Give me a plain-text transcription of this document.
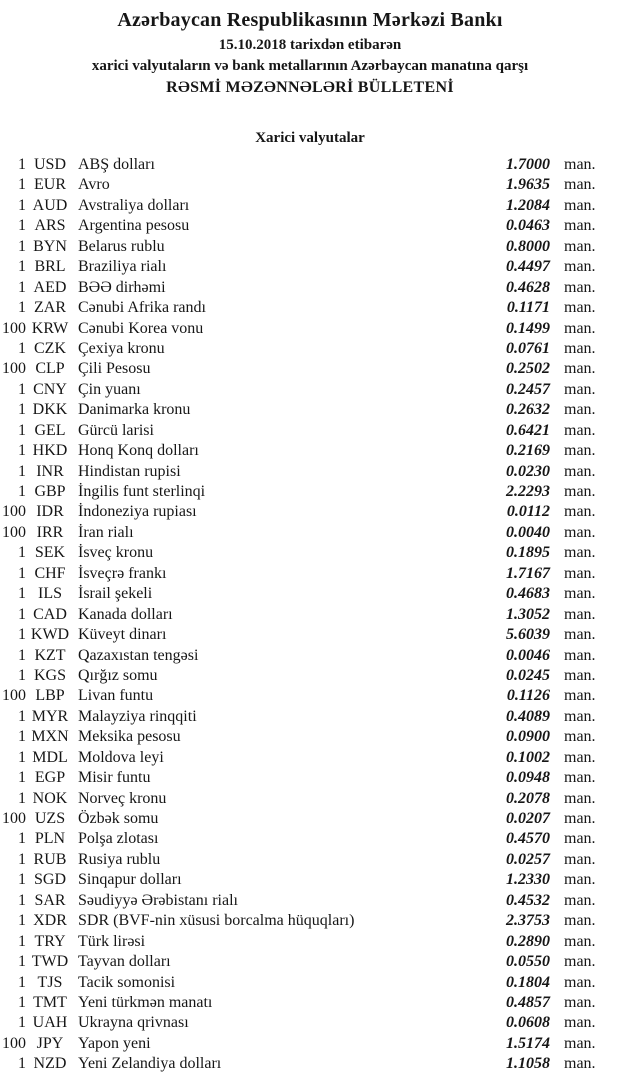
Azərbaycan Respublikasının Mərkəzi Bankı
15.10.2018 tarixdən etibarən
xarici valyutaların və bank metallarının Azərbaycan manatına qarşı
RƏSMİ MƏZƏNNƏLƏRİ BÜLLETENİ
Xarici valyutalar
1 USD ABŞ dolları	1.7000 man.
1 EUR Avro	1.9635 man.
1 AUD Avstraliya dolları	1.2084 man.
1 ARS Argentina pesosu	0.0463 man.
1 BYN Belarus rublu	0.8000 man.
1 BRL Braziliya rialı	0.4497 man.
1 AED BƏƏ dirhəmi	0.4628 man.
1 ZAR Cənubi Afrika randı	0.1171 man.
100 KRW Cənubi Korea vonu	0.1499 man.
1 CZK Çexiya kronu	0.0761 man.
100 CLP Çili Pesosu	0.2502 man.
1 CNY Çin yuanı	0.2457 man.
1 DKK Danimarka kronu	0.2632 man.
1 GEL Gürcü larisi	0.6421 man.
1 HKD Honq Konq dolları	0.2169 man.
1 INR Hindistan rupisi	0.0230 man.
1 GBP İngilis funt sterlinqi	2.2293 man.
100 IDR İndoneziya rupiası	0.0112 man.
100 IRR İran rialı	0.0040 man.
1 SEK İsveç kronu	0.1895 man.
1 CHF İsveçrə frankı	1.7167 man.
1 ILS	İsrail şekeli	0.4683 man.
1 CAD Kanada dolları	1.3052 man.
1 KWD Küveyt dinarı	5.6039 man.
1 KZT Qazaxıstan tengəsi	0.0046 man.
1 KGS Qırğız somu	0.0245 man.
100 LBP Livan funtu	0.1126 man.
1 MYR Malayziya rinqqiti	0.4089 man.
1 MXN Meksika pesosu	0.0900 man.
1 MDL Moldova leyi	0.1002 man.
1 EGP Misir funtu	0.0948 man.
1 NOK Norveç kronu	0.2078 man.
100 UZS Özbək somu	0.0207 man.
1 PLN Polşa zlotası	0.4570 man.
1 RUB Rusiya rublu	0.0257 man.
1 SGD Sinqapur dolları	1.2330 man.
1 SAR Səudiyyə Ərəbistanı rialı	0.4532 man.
1 XDR SDR (BVF-nin xüsusi borcalma hüquqları)	2.3753 man.
1 TRY Türk lirəsi	0.2890 man.
1 TWD Tayvan dolları	0.0550 man.
1 TJS Tacik somonisi	0.1804 man.
1 TMT Yeni türkmən manatı	0.4857 man.
1 UAH Ukrayna qrivnası	0.0608 man.
100 JPY Yapon yeni	1.5174 man.
1 NZD Yeni Zelandiya dolları	1.1058 man.
